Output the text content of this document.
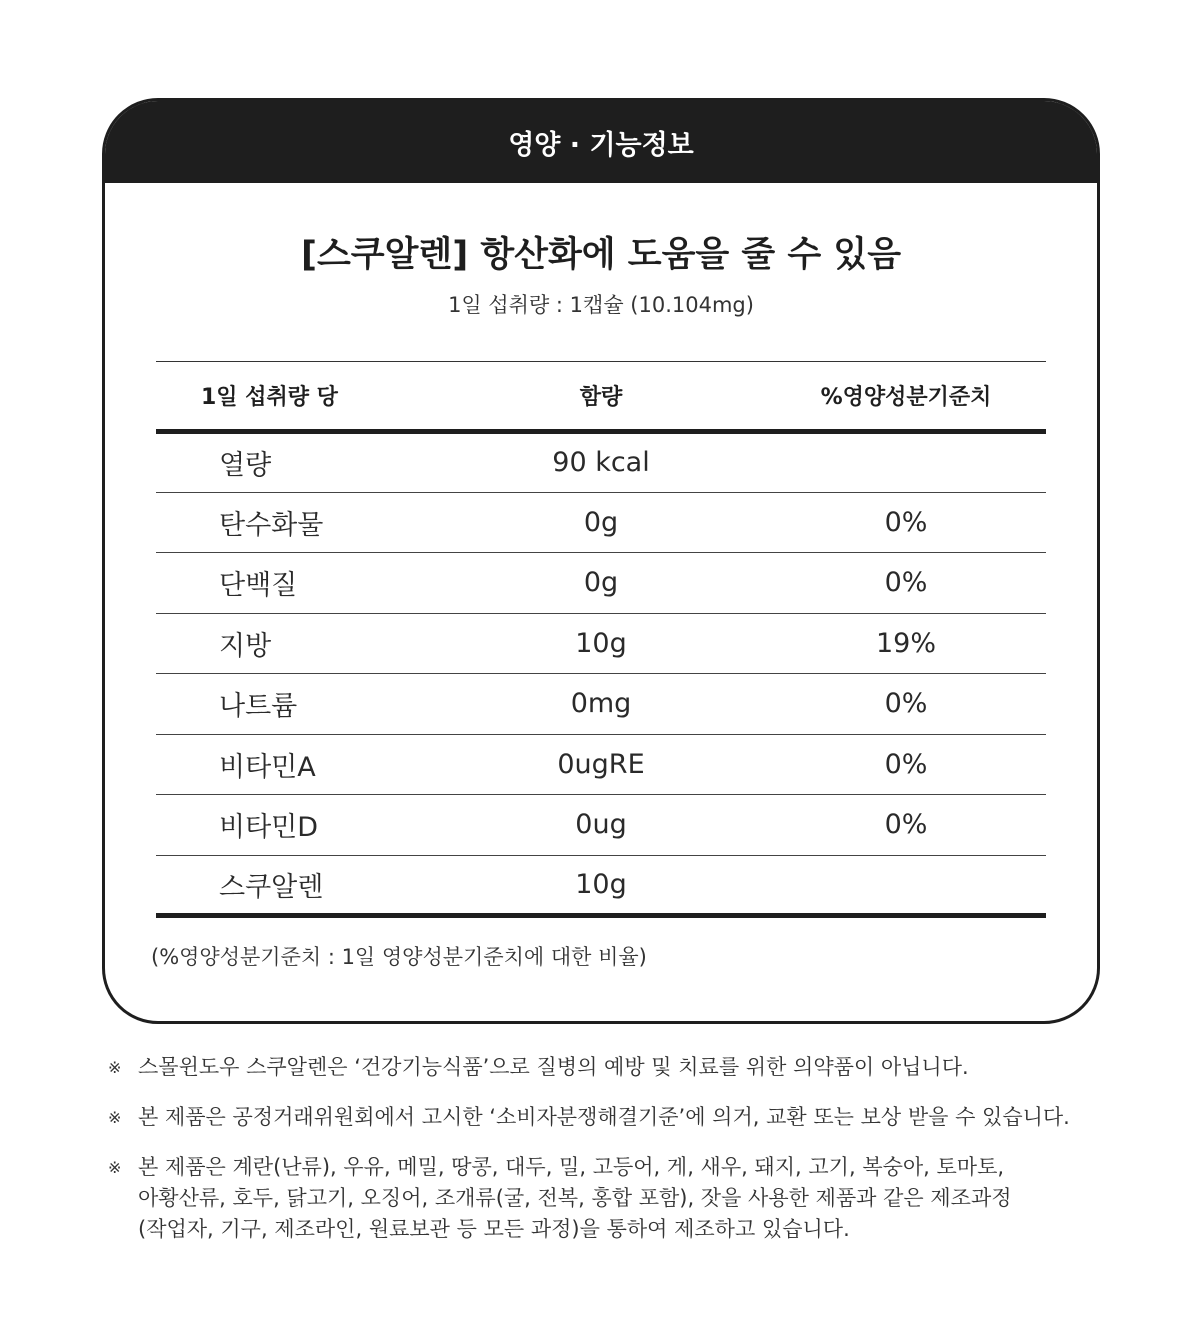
영양 · 기능정보
[스쿠알렌] 항산화에 도움을 줄 수 있음
1일 섭취량 : 1캡슐 (10.104mg)
1일 섭취량 당	함량	%영양성분기준치
열량	90 kcal	
탄수화물	0g	0%
단백질	0g	0%
지방	10g	19%
나트륨	0mg	0%
비타민A	0ugRE	0%
비타민D	0ug	0%
스쿠알렌	10g	
(%영양성분기준치 : 1일 영양성분기준치에 대한 비율)
※ 스몰윈도우 스쿠알렌은 ‘건강기능식품’으로 질병의 예방 및 치료를 위한 의약품이 아닙니다.
※ 본 제품은 공정거래위원회에서 고시한 ‘소비자분쟁해결기준’에 의거, 교환 또는 보상 받을 수 있습니다.
※ 본 제품은 계란(난류), 우유, 메밀, 땅콩, 대두, 밀, 고등어, 게, 새우, 돼지, 고기, 복숭아, 토마토,
아황산류, 호두, 닭고기, 오징어, 조개류(굴, 전복, 홍합 포함), 잣을 사용한 제품과 같은 제조과정
(작업자, 기구, 제조라인, 원료보관 등 모든 과정)을 통하여 제조하고 있습니다.
